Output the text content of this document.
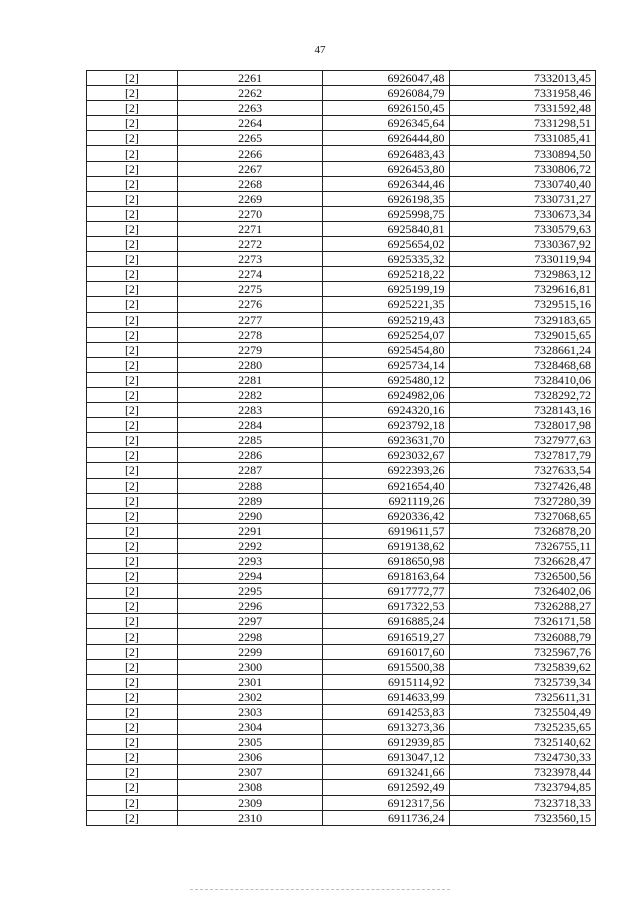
47
[2]	2261	6926047,48	7332013,45
[2]	2262	6926084,79	7331958,46
[2]	2263	6926150,45	7331592,48
[2]	2264	6926345,64	7331298,51
[2]	2265	6926444,80	7331085,41
[2]	2266	6926483,43	7330894,50
[2]	2267	6926453,80	7330806,72
[2]	2268	6926344,46	7330740,40
[2]	2269	6926198,35	7330731,27
[2]	2270	6925998,75	7330673,34
[2]	2271	6925840,81	7330579,63
[2]	2272	6925654,02	7330367,92
[2]	2273	6925335,32	7330119,94
[2]	2274	6925218,22	7329863,12
[2]	2275	6925199,19	7329616,81
[2]	2276	6925221,35	7329515,16
[2]	2277	6925219,43	7329183,65
[2]	2278	6925254,07	7329015,65
[2]	2279	6925454,80	7328661,24
[2]	2280	6925734,14	7328468,68
[2]	2281	6925480,12	7328410,06
[2]	2282	6924982,06	7328292,72
[2]	2283	6924320,16	7328143,16
[2]	2284	6923792,18	7328017,98
[2]	2285	6923631,70	7327977,63
[2]	2286	6923032,67	7327817,79
[2]	2287	6922393,26	7327633,54
[2]	2288	6921654,40	7327426,48
[2]	2289	6921119,26	7327280,39
[2]	2290	6920336,42	7327068,65
[2]	2291	6919611,57	7326878,20
[2]	2292	6919138,62	7326755,11
[2]	2293	6918650,98	7326628,47
[2]	2294	6918163,64	7326500,56
[2]	2295	6917772,77	7326402,06
[2]	2296	6917322,53	7326288,27
[2]	2297	6916885,24	7326171,58
[2]	2298	6916519,27	7326088,79
[2]	2299	6916017,60	7325967,76
[2]	2300	6915500,38	7325839,62
[2]	2301	6915114,92	7325739,34
[2]	2302	6914633,99	7325611,31
[2]	2303	6914253,83	7325504,49
[2]	2304	6913273,36	7325235,65
[2]	2305	6912939,85	7325140,62
[2]	2306	6913047,12	7324730,33
[2]	2307	6913241,66	7323978,44
[2]	2308	6912592,49	7323794,85
[2]	2309	6912317,56	7323718,33
[2]	2310	6911736,24	7323560,15
